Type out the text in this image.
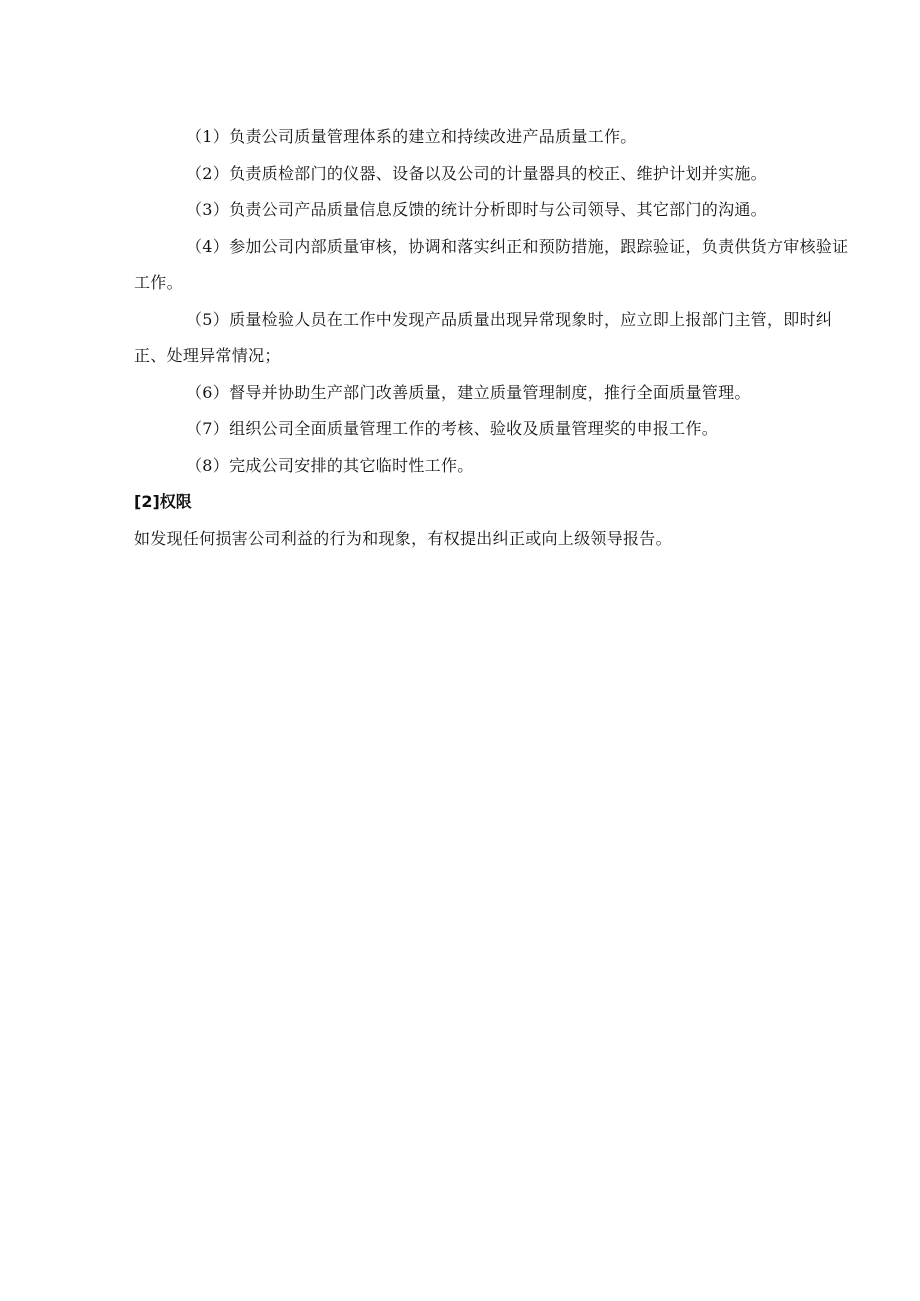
（1）负责公司质量管理体系的建立和持续改进产品质量工作。

（2）负责质检部门的仪器、设备以及公司的计量器具的校正、维护计划并实施。

（3）负责公司产品质量信息反馈的统计分析即时与公司领导、其它部门的沟通。

（4）参加公司内部质量审核，协调和落实纠正和预防措施，跟踪验证，负责供货方审核验证工作。

（5）质量检验人员在工作中发现产品质量出现异常现象时，应立即上报部门主管，即时纠正、处理异常情况；

（6）督导并协助生产部门改善质量，建立质量管理制度，推行全面质量管理。

（7）组织公司全面质量管理工作的考核、验收及质量管理奖的申报工作。

（8）完成公司安排的其它临时性工作。

[2]权限

如发现任何损害公司利益的行为和现象，有权提出纠正或向上级领导报告。
